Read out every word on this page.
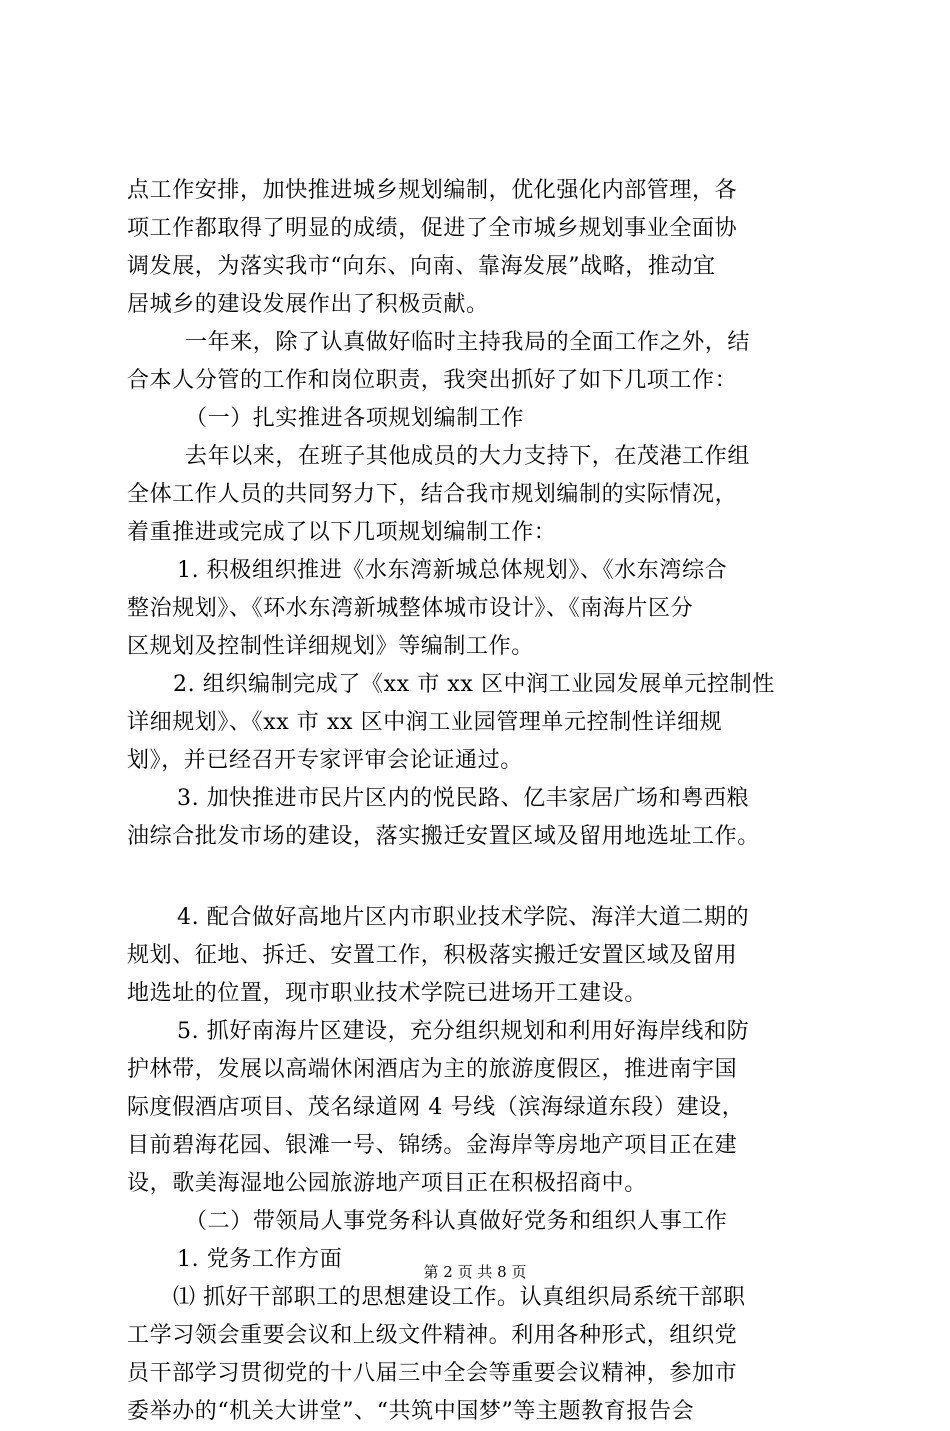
点工作安排，加快推进城乡规划编制，优化强化内部管理，各
项工作都取得了明显的成绩，促进了全市城乡规划事业全面协
调发展，为落实我市“向东、向南、靠海发展”战略，推动宜
居城乡的建设发展作出了积极贡献。
一年来，除了认真做好临时主持我局的全面工作之外，结
合本人分管的工作和岗位职责，我突出抓好了如下几项工作：
（一）扎实推进各项规划编制工作
去年以来，在班子其他成员的大力支持下，在茂港工作组
全体工作人员的共同努力下，结合我市规划编制的实际情况，
着重推进或完成了以下几项规划编制工作：
1. 积极组织推进《水东湾新城总体规划》、《水东湾综合
整治规划》、《环水东湾新城整体城市设计》、《南海片区分
区规划及控制性详细规划》等编制工作。
2. 组织编制完成了《xx 市 xx 区中润工业园发展单元控制性
详细规划》、《xx 市 xx 区中润工业园管理单元控制性详细规
划》，并已经召开专家评审会论证通过。
3. 加快推进市民片区内的悦民路、亿丰家居广场和粤西粮
油综合批发市场的建设，落实搬迁安置区域及留用地选址工作。
4. 配合做好高地片区内市职业技术学院、海洋大道二期的
规划、征地、拆迁、安置工作，积极落实搬迁安置区域及留用
地选址的位置，现市职业技术学院已进场开工建设。
5. 抓好南海片区建设，充分组织规划和利用好海岸线和防
护林带，发展以高端休闲酒店为主的旅游度假区，推进南宇国
际度假酒店项目、茂名绿道网 4 号线（滨海绿道东段）建设，
目前碧海花园、银滩一号、锦绣。金海岸等房地产项目正在建
设，歌美海湿地公园旅游地产项目正在积极招商中。
（二）带领局人事党务科认真做好党务和组织人事工作
1. 党务工作方面
⑴ 抓好干部职工的思想建设工作。认真组织局系统干部职
工学习领会重要会议和上级文件精神。利用各种形式，组织党
员干部学习贯彻党的十八届三中全会等重要会议精神，参加市
委举办的“机关大讲堂”、“共筑中国梦”等主题教育报告会
第 2 页 共 8 页
